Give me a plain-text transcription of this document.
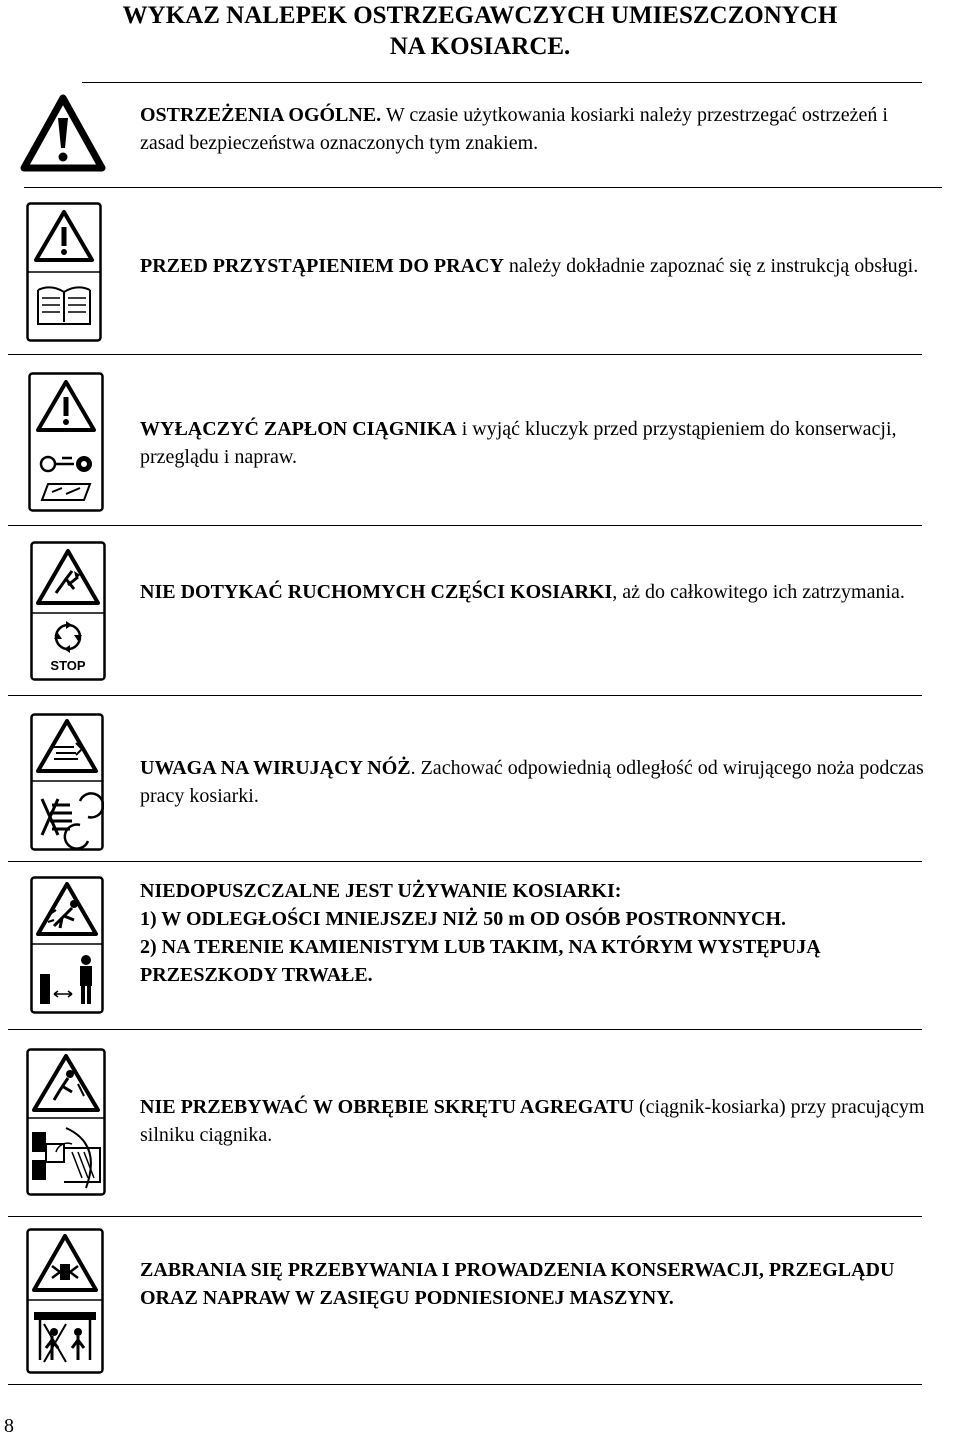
WYKAZ NALEPEK OSTRZEGAWCZYCH UMIESZCZONYCH
NA KOSIARCE.

OSTRZEŻENIA OGÓLNE. W czasie użytkowania kosiarki należy przestrzegać ostrzeżeń i zasad bezpieczeństwa oznaczonych tym znakiem.

PRZED PRZYSTĄPIENIEM DO PRACY należy dokładnie zapoznać się z instrukcją obsługi.

WYŁĄCZYĆ ZAPŁON CIĄGNIKA i wyjąć kluczyk przed przystąpieniem do konserwacji, przeglądu i napraw.

STOP

NIE DOTYKAĆ RUCHOMYCH CZĘŚCI KOSIARKI, aż do całkowitego ich zatrzymania.

UWAGA NA WIRUJĄCY NÓŻ. Zachować odpowiednią odległość od wirującego noża podczas pracy kosiarki.

NIEDOPUSZCZALNE JEST UŻYWANIE KOSIARKI:
1) W ODLEGŁOŚCI MNIEJSZEJ NIŻ 50 m OD OSÓB POSTRONNYCH.
2) NA TERENIE KAMIENISTYM LUB TAKIM, NA KTÓRYM WYSTĘPUJĄ PRZESZKODY TRWAŁE.

NIE PRZEBYWAĆ W OBRĘBIE SKRĘTU AGREGATU (ciągnik-kosiarka) przy pracującym silniku ciągnika.

ZABRANIA SIĘ PRZEBYWANIA I PROWADZENIA KONSERWACJI, PRZEGLĄDU ORAZ NAPRAW W ZASIĘGU PODNIESIONEJ MASZYNY.

8
